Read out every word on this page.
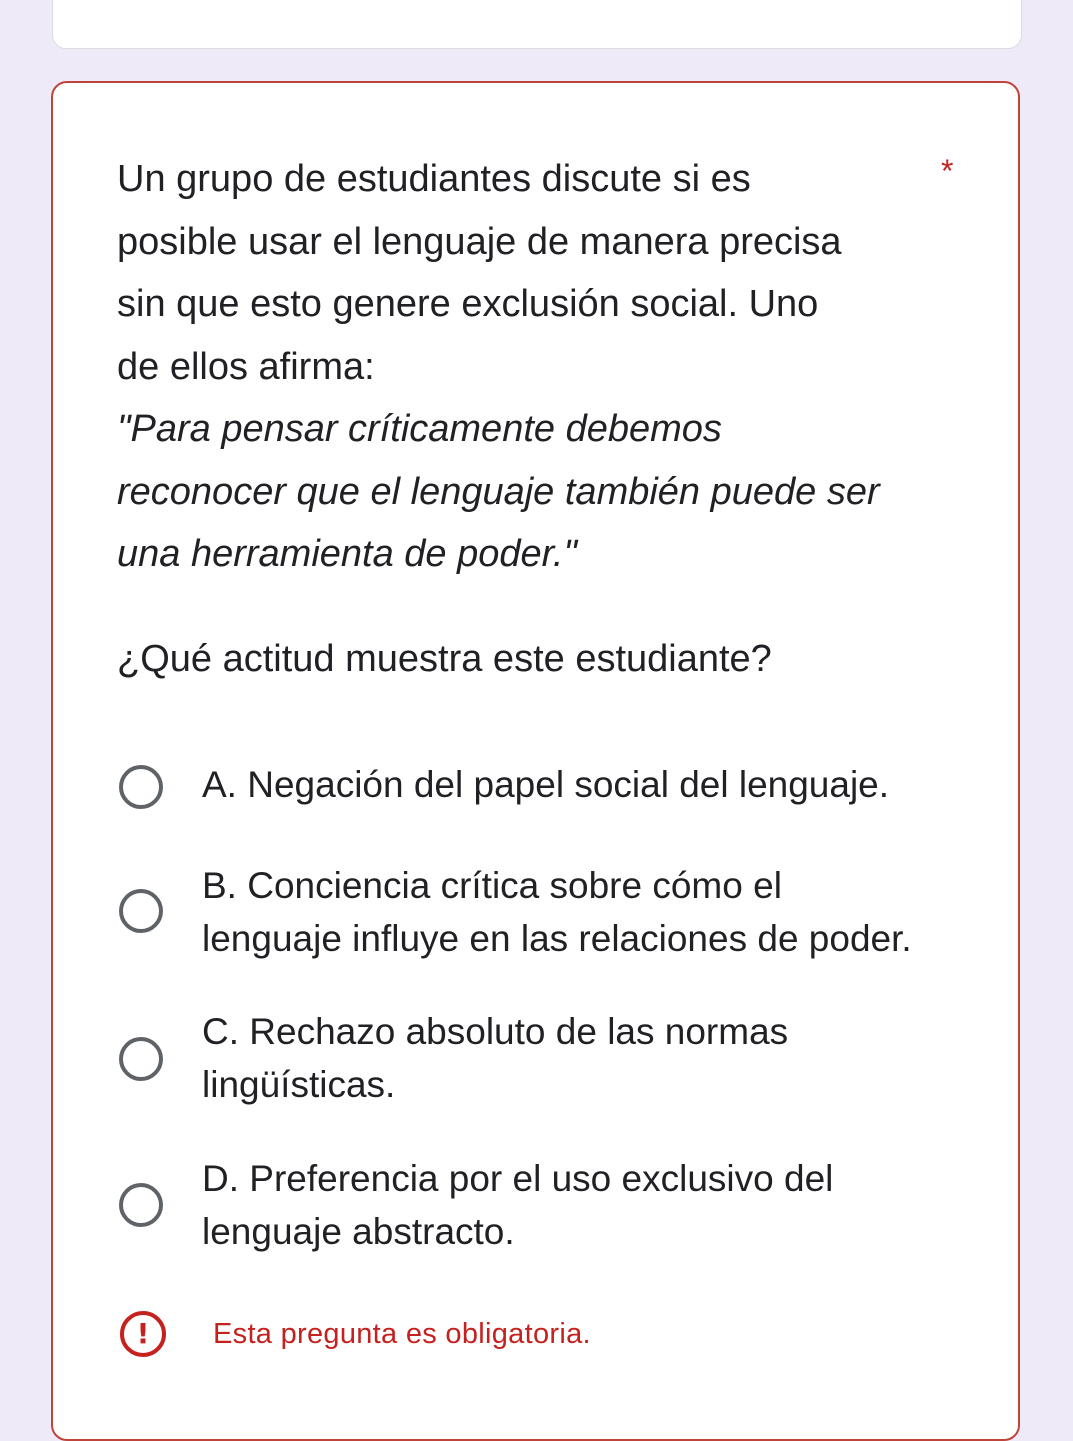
Un grupo de estudiantes discute si es
posible usar el lenguaje de manera precisa
sin que esto genere exclusión social. Uno
de ellos afirma:
"Para pensar críticamente debemos
reconocer que el lenguaje también puede ser
una herramienta de poder."
¿Qué actitud muestra este estudiante?
*
A. Negación del papel social del lenguaje.
B. Conciencia crítica sobre cómo el
lenguaje influye en las relaciones de poder.
C. Rechazo absoluto de las normas
lingüísticas.
D. Preferencia por el uso exclusivo del
lenguaje abstracto.
!	Esta pregunta es obligatoria.
